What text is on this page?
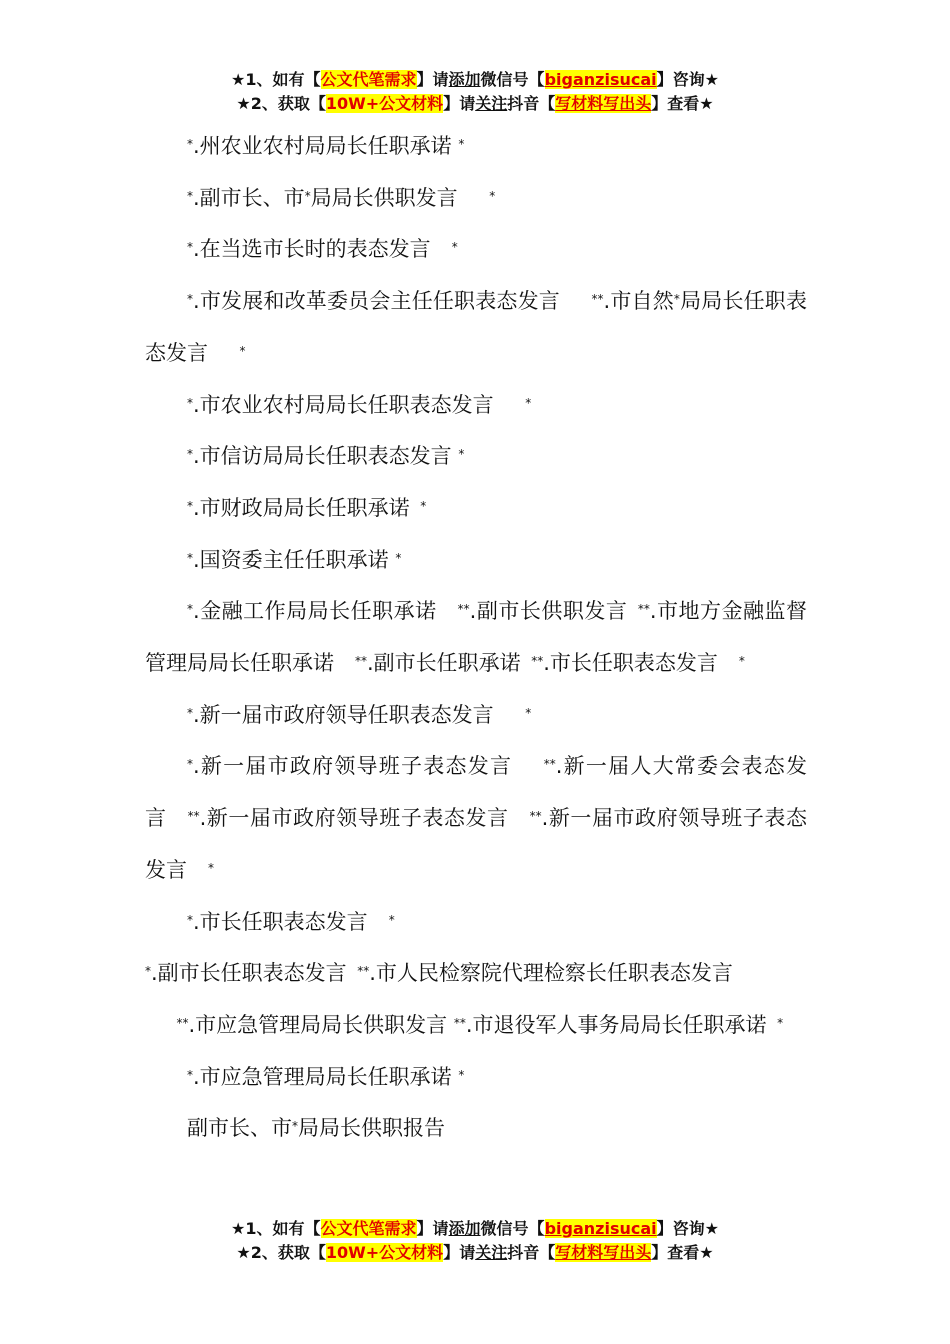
★1、如有【公文代笔需求】请添加微信号【biganzisucai】咨询★
★2、获取【10W+公文材料】请关注抖音【写材料写出头】查看★

*.州农业农村局局长任职承诺 *

*.副市长、市*局局长供职发言  	*

*.在当选市长时的表态发言  *

*.市发展和改革委员会主任任职表态发言  	**.市自然*局局长任职表态发言  	*

*.市农业农村局局长任职表态发言  	*

*.市信访局局长任职表态发言 *

*.市财政局局长任职承诺  *

*.国资委主任任职承诺 *

*.金融工作局局长任职承诺  **.副市长供职发言  **.市地方金融监督管理局局长任职承诺  **.副市长任职承诺  **.市长任职表态发言  *

*.新一届市政府领导任职表态发言  	*

*.新一届市政府领导班子表态发言  	**.新一届人大常委会表态发言  **.新一届市政府领导班子表态发言  **.新一届市政府领导班子表态发言  *

*.市长任职表态发言  *

*.副市长任职表态发言  **.市人民检察院代理检察长任职表态发言

**.市应急管理局局长供职发言 **.市退役军人事务局局长任职承诺  *

*.市应急管理局局长任职承诺 *

副市长、市*局局长供职报告

★1、如有【公文代笔需求】请添加微信号【biganzisucai】咨询★
★2、获取【10W+公文材料】请关注抖音【写材料写出头】查看★
